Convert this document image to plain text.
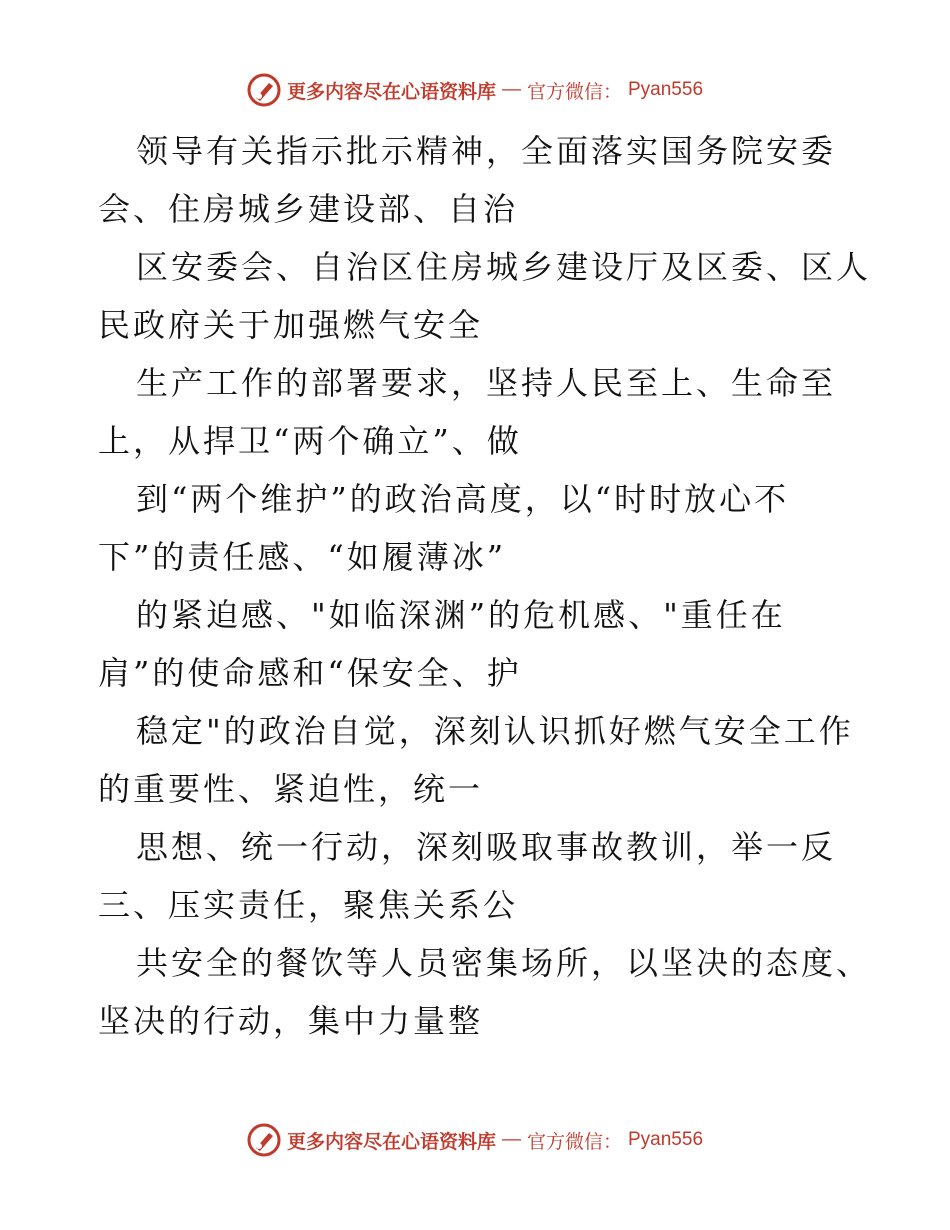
更多内容尽在心语资料库 — 官方微信： Pyan556

领导有关指示批示精神，全面落实国务院安委
会、住房城乡建设部、自治

区安委会、自治区住房城乡建设厅及区委、区人
民政府关于加强燃气安全

生产工作的部署要求，坚持人民至上、生命至
上，从捍卫“两个确立”、做

到“两个维护”的政治高度，以“时时放心不
下”的责任感、“如履薄冰”

的紧迫感、"如临深渊”的危机感、"重任在
肩”的使命感和“保安全、护

稳定"的政治自觉，深刻认识抓好燃气安全工作
的重要性、紧迫性，统一

思想、统一行动，深刻吸取事故教训，举一反
三、压实责任，聚焦关系公

共安全的餐饮等人员密集场所，以坚决的态度、
坚决的行动，集中力量整

更多内容尽在心语资料库 — 官方微信： Pyan556
